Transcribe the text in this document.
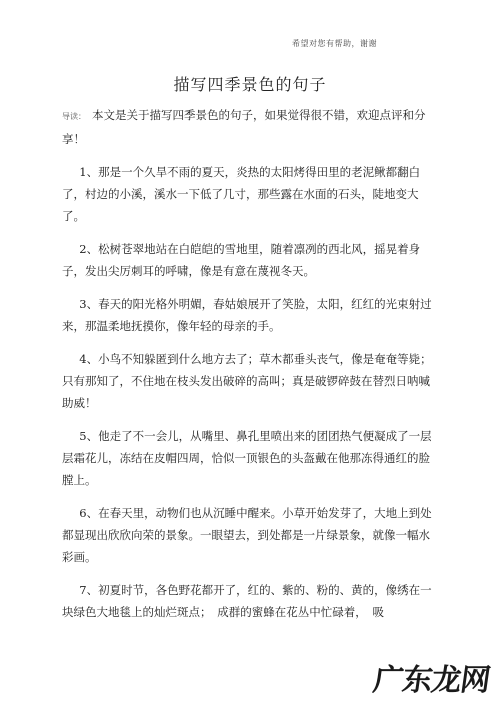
希望对您有帮助，谢谢
描写四季景色的句子

导读： 本文是关于描写四季景色的句子，如果觉得很不错，欢迎点评和分享！

1、那是一个久旱不雨的夏天，炎热的太阳烤得田里的老泥鳅都翻白了，村边的小溪，溪水一下低了几寸，那些露在水面的石头，陡地变大了。

2、松树苍翠地站在白皑皑的雪地里，随着凛冽的西北风，摇晃着身子，发出尖厉刺耳的呼啸，像是有意在蔑视冬天。

3、春天的阳光格外明媚，春姑娘展开了笑脸，太阳，红红的光束射过来，那温柔地抚摸你，像年轻的母亲的手。

4、小鸟不知躲匿到什么地方去了；草木都垂头丧气，像是奄奄等毙；只有那知了，不住地在枝头发出破碎的高叫；真是破锣碎鼓在替烈日呐喊助威！

5、他走了不一会儿，从嘴里、鼻孔里喷出来的团团热气便凝成了一层层霜花儿，冻结在皮帽四周，恰似一顶银色的头盔戴在他那冻得通红的脸膛上。

6、在春天里，动物们也从沉睡中醒来。小草开始发芽了，大地上到处都显现出欣欣向荣的景象。一眼望去，到处都是一片绿景象，就像一幅水彩画。

7、初夏时节，各色野花都开了，红的、紫的、粉的、黄的，像绣在一块绿色大地毯上的灿烂斑点；　成群的蜜蜂在花丛中忙碌着，　吸

广东龙网
